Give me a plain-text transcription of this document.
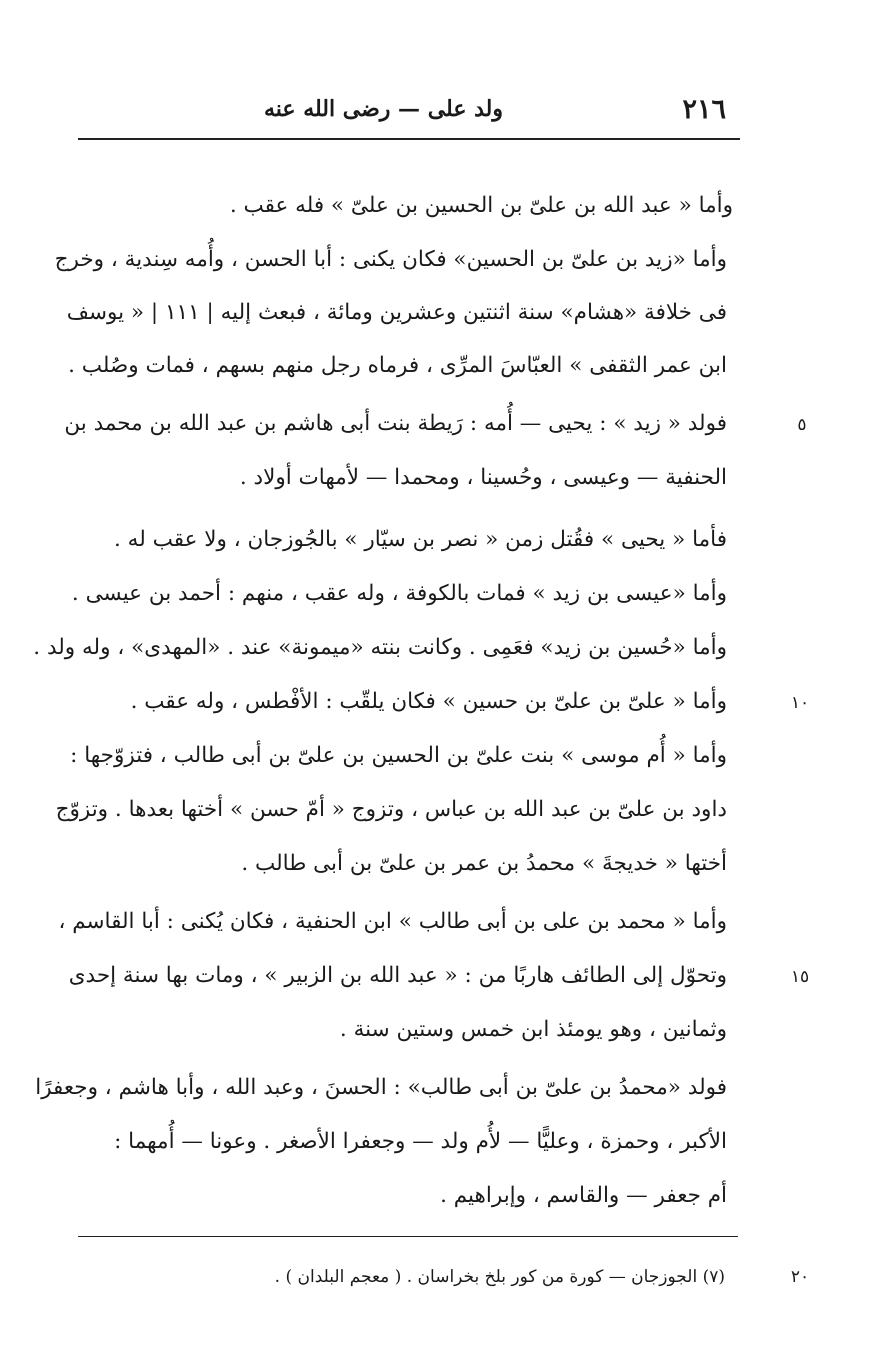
٢١٦
ولد على — رضى الله عنه
وأما « عبد الله بن علىّ بن الحسين بن علىّ » فله عقب .
وأما «زيد بن علىّ بن الحسين» فكان يكنى : أبا الحسن ، وأُمه سِندية ، وخرج
فى خلافة «هشام» سنة اثنتين وعشرين ومائة ، فبعث إليه | ١١١ | « يوسف
ابن عمر الثقفى » العبّاسَ المرِّى ، فرماه رجل منهم بسهم ، فمات وصُلب .
فولد « زيد » : يحيى — أُمه : رَيطة بنت أبى هاشم بن عبد الله بن محمد بن
الحنفية — وعيسى ، وحُسينا ، ومحمدا — لأمهات أولاد .
فأما « يحيى » فقُتل زمن « نصر بن سيّار » بالجُوزجان ، ولا عقب له .
وأما «عيسى بن زيد » فمات بالكوفة ، وله عقب ، منهم : أحمد بن عيسى .
وأما «حُسين بن زيد» فعَمِى . وكانت بنته «ميمونة» عند . «المهدى» ، وله ولد .
وأما « علىّ بن علىّ بن حسين » فكان يلقّب : الأفْطس ، وله عقب .
وأما « أُم موسى » بنت علىّ بن الحسين بن علىّ بن أبى طالب ، فتزوّجها :
داود بن علىّ بن عبد الله بن عباس ، وتزوج « أمّ حسن » أختها بعدها . وتزوّج
أختها « خديجةَ » محمدُ بن عمر بن علىّ بن أبى طالب .
وأما « محمد بن على بن أبى طالب » ابن الحنفية ، فكان يُكنى : أبا القاسم ،
وتحوّل إلى الطائف هاربًا من : « عبد الله بن الزبير » ، ومات بها سنة إحدى
وثمانين ، وهو يومئذ ابن خمس وستين سنة .
فولد «محمدُ بن علىّ بن أبى طالب» : الحسنَ ، وعبد الله ، وأبا هاشم ، وجعفرًا
الأكبر ، وحمزة ، وعليًّا — لأُم ولد — وجعفرا الأصغر . وعونا — أُمهما :
أم جعفر — والقاسم ، وإبراهيم .
٥
١٠
١٥
٢٠
(٧) الجوزجان — كورة من كور بلخ بخراسان . ( معجم البلدان ) .
